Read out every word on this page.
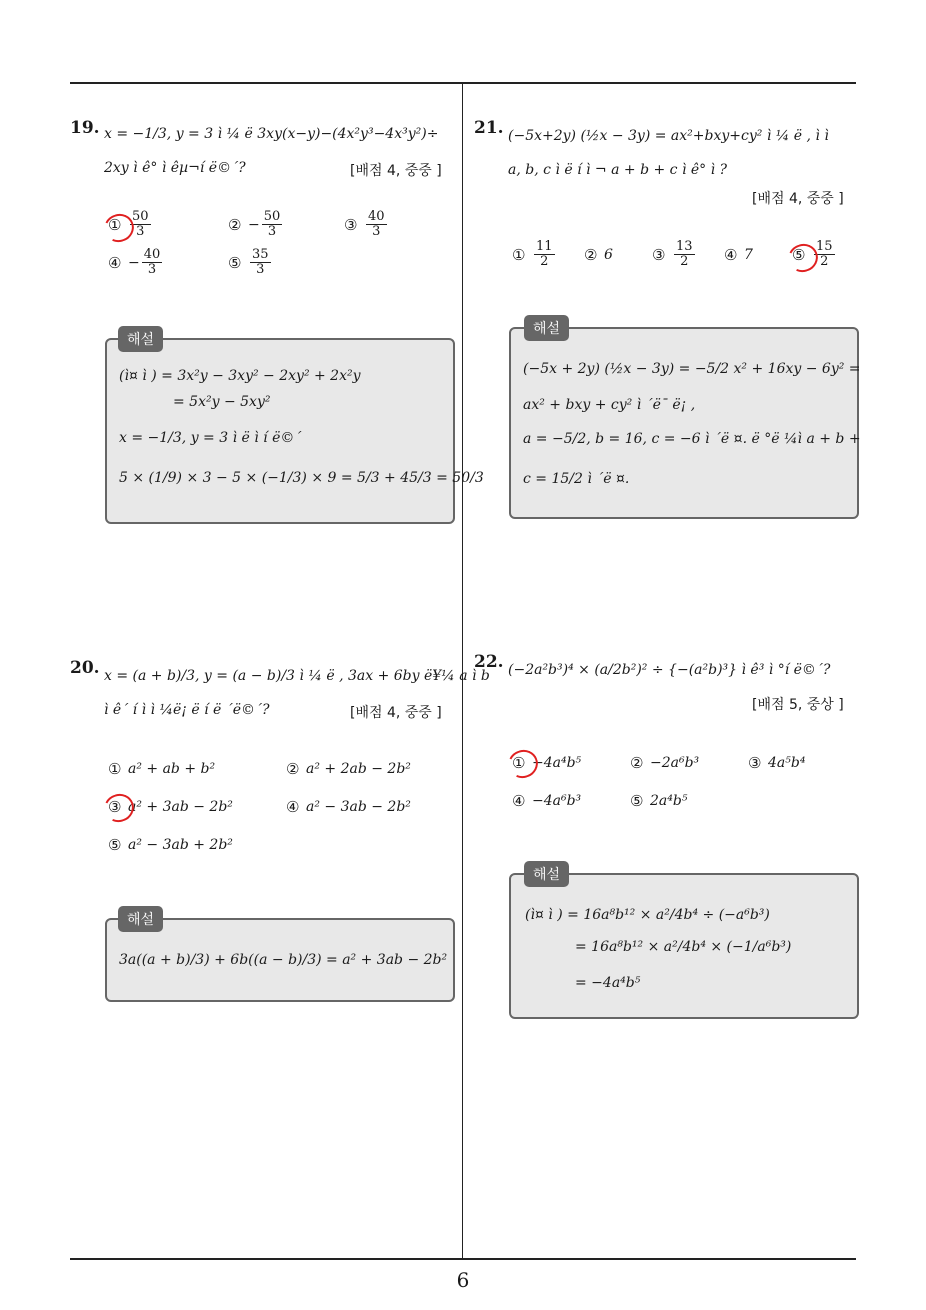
19. x = −1/3, y = 3 ì ¼ ë 3xy(x−y)−(4x²y³−4x³y²)÷
2xy ì ê° ì êµ¬í ë©´?	[배점 4, 중중 ]
① $\frac{50}{3}$	② − $\frac{50}{3}$	③ $\frac{40}{3}$
④ − $\frac{40}{3}$	⑤ $\frac{35}{3}$
(ì¤ ì ) = 3x²y − 3xy² − 2xy² + 2x²y
= 5x²y − 5xy²
x = −1/3, y = 3 ì ë ì í ë©´
5 × (1/9) × 3 − 5 × (−1/3) × 9 = 5/3 + 45/3 = 50/3
해설
20. x = (a + b)/3, y = (a − b)/3 ì ¼ ë , 3ax + 6by ë¥¼ a ì b
ì ê´ í ì ì ¼ë¡ ë í ë ´ë©´?	[배점 4, 중중 ]
① a² + ab + b²	② a² + 2ab − 2b²
③ a² + 3ab − 2b²	④ a² − 3ab − 2b²
⑤ a² − 3ab + 2b²
3a((a + b)/3) + 6b((a − b)/3) = a² + 3ab − 2b²
해설
21. (−5x+2y) (½x − 3y) = ax²+bxy+cy² ì ¼ ë , ì ì
a, b, c ì ë í ì ¬ a + b + c ì ê° ì ?
[배점 4, 중중 ]
① $\frac{11}{2}$ ② 6	③ $\frac{13}{2}$ ④ 7	⑤ $\frac{15}{2}$
(−5x + 2y) (½x − 3y) = −5/2 x² + 16xy − 6y² =
ax² + bxy + cy² ì ´ë¯ ë¡ ,
a = −5/2, b = 16, c = −6 ì ´ë ¤. ë °ë ¼ì a + b +
c = 15/2 ì ´ë ¤.
해설
22. (−2a²b³)⁴ × (a/2b²)² ÷ {−(a²b)³} ì ê³ ì °í ë©´?
[배점 5, 중상 ]
① −4a⁴b⁵	② −2a⁶b³	③ 4a⁵b⁴
④ −4a⁶b³	⑤ 2a⁴b⁵
(ì¤ ì ) = 16a⁸b¹² × a²/4b⁴ ÷ (−a⁶b³)
= 16a⁸b¹² × a²/4b⁴ × (−1/a⁶b³)
= −4a⁴b⁵
해설
6
